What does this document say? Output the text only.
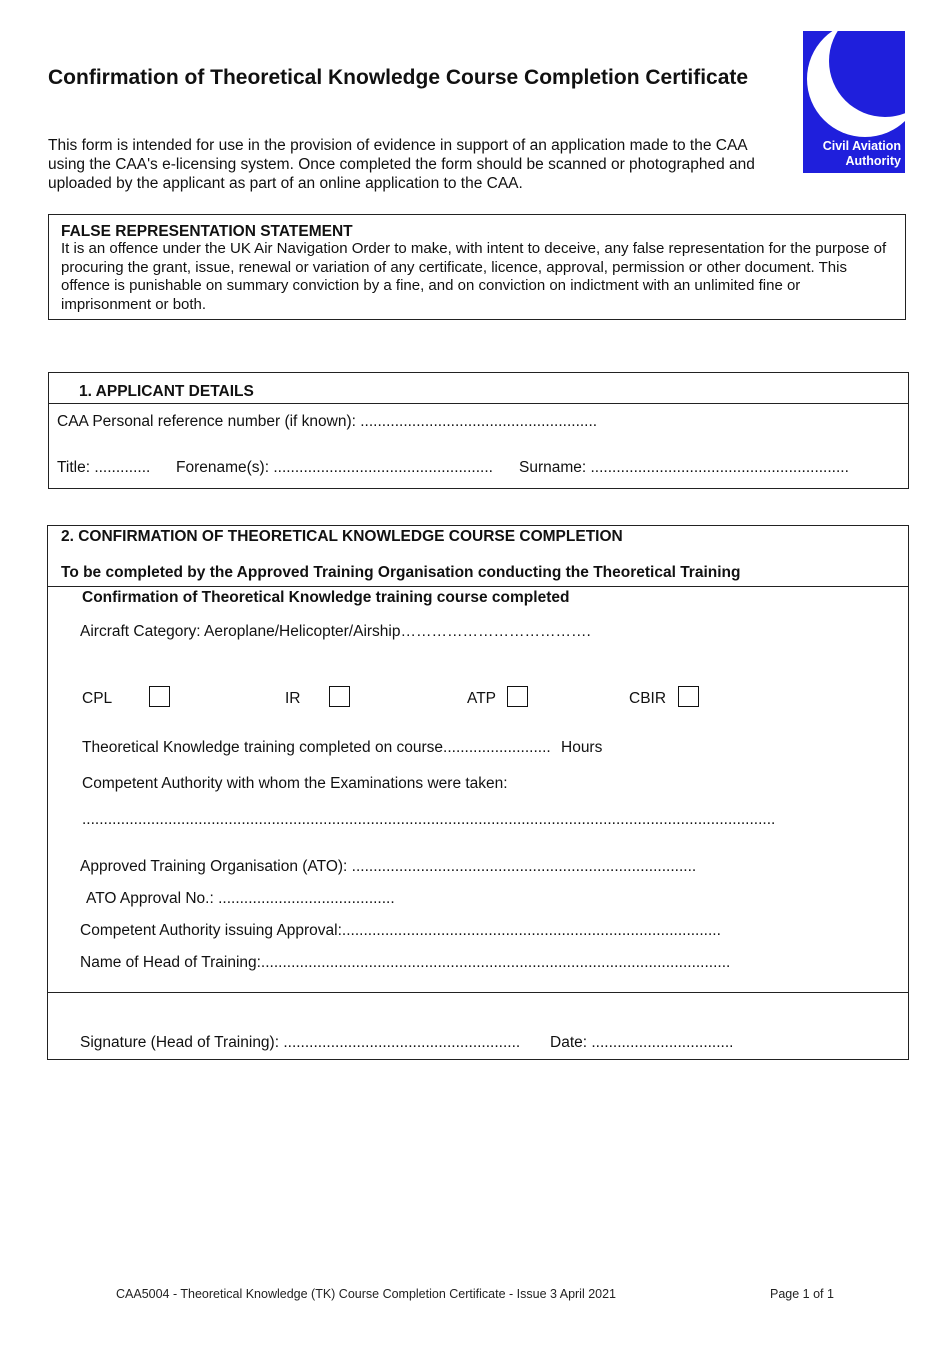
Confirmation of Theoretical Knowledge Course Completion Certificate
This form is intended for use in the provision of evidence in support of an application made to the CAA using the CAA's e-licensing system. Once completed the form should be scanned or photographed and uploaded by the applicant as part of an online application to the CAA.
Civil Aviation
Authority
FALSE REPRESENTATION STATEMENT
It is an offence under the UK Air Navigation Order to make, with intent to deceive, any false representation for the purpose of procuring the grant, issue, renewal or variation of any certificate, licence, approval, permission or other document. This offence is punishable on summary conviction by a fine, and on conviction on indictment with an unlimited fine or imprisonment or both.
1. APPLICANT DETAILS
CAA Personal reference number (if known): .......................................................
Title: ............. Forename(s): ................................................... Surname: ............................................................
2. CONFIRMATION OF THEORETICAL KNOWLEDGE COURSE COMPLETION
To be completed by the Approved Training Organisation conducting the Theoretical Training
Confirmation of Theoretical Knowledge training course completed
Aircraft Category: Aeroplane/Helicopter/Airship……………………………….
CPL	IR	ATP	CBIR
Theoretical Knowledge training completed on course......................... Hours
Competent Authority with whom the Examinations were taken:
.................................................................................................................................................................
Approved Training Organisation (ATO): ................................................................................
ATO Approval No.: .........................................
Competent Authority issuing Approval:........................................................................................
Name of Head of Training:.............................................................................................................
Signature (Head of Training): ....................................................... Date: .................................
CAA5004 - Theoretical Knowledge (TK) Course Completion Certificate - Issue 3 April 2021	Page 1 of 1
